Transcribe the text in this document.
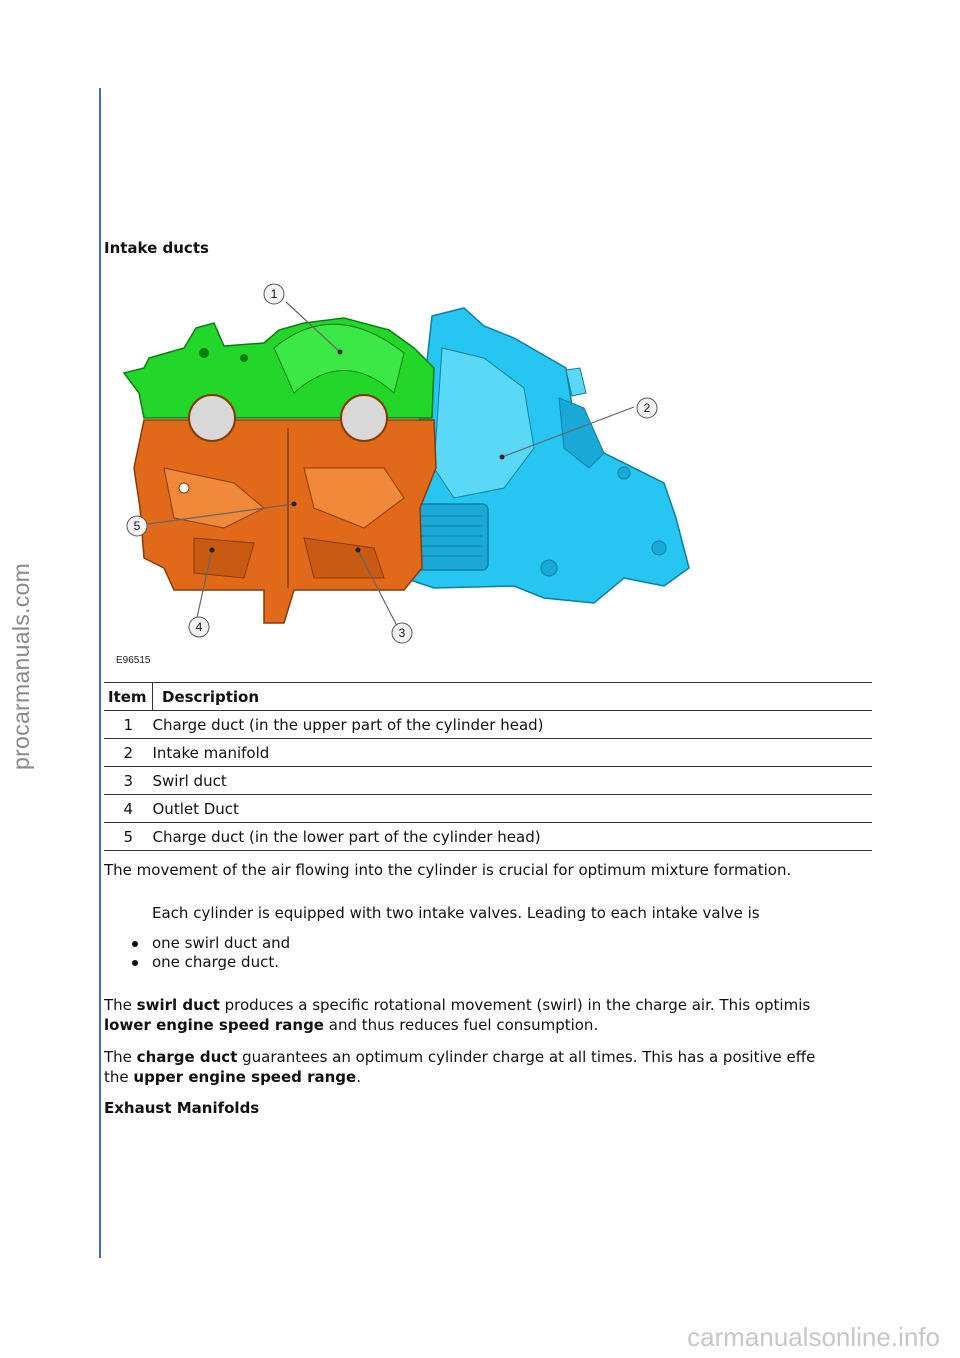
procarmanuals.com
carmanualsonline.info
Intake ducts
1
2
3
4
5
E96515
Item	Description
1	Charge duct (in the upper part of the cylinder head)
2	Intake manifold
3	Swirl duct
4	Outlet Duct
5	Charge duct (in the lower part of the cylinder head)
The movement of the air flowing into the cylinder is crucial for optimum mixture formation.
Each cylinder is equipped with two intake valves. Leading to each intake valve is
one swirl duct and
one charge duct.
The swirl duct produces a specific rotational movement (swirl) in the charge air. This optimis
lower engine speed range and thus reduces fuel consumption.
The charge duct guarantees an optimum cylinder charge at all times. This has a positive effe
the upper engine speed range.
Exhaust Manifolds
